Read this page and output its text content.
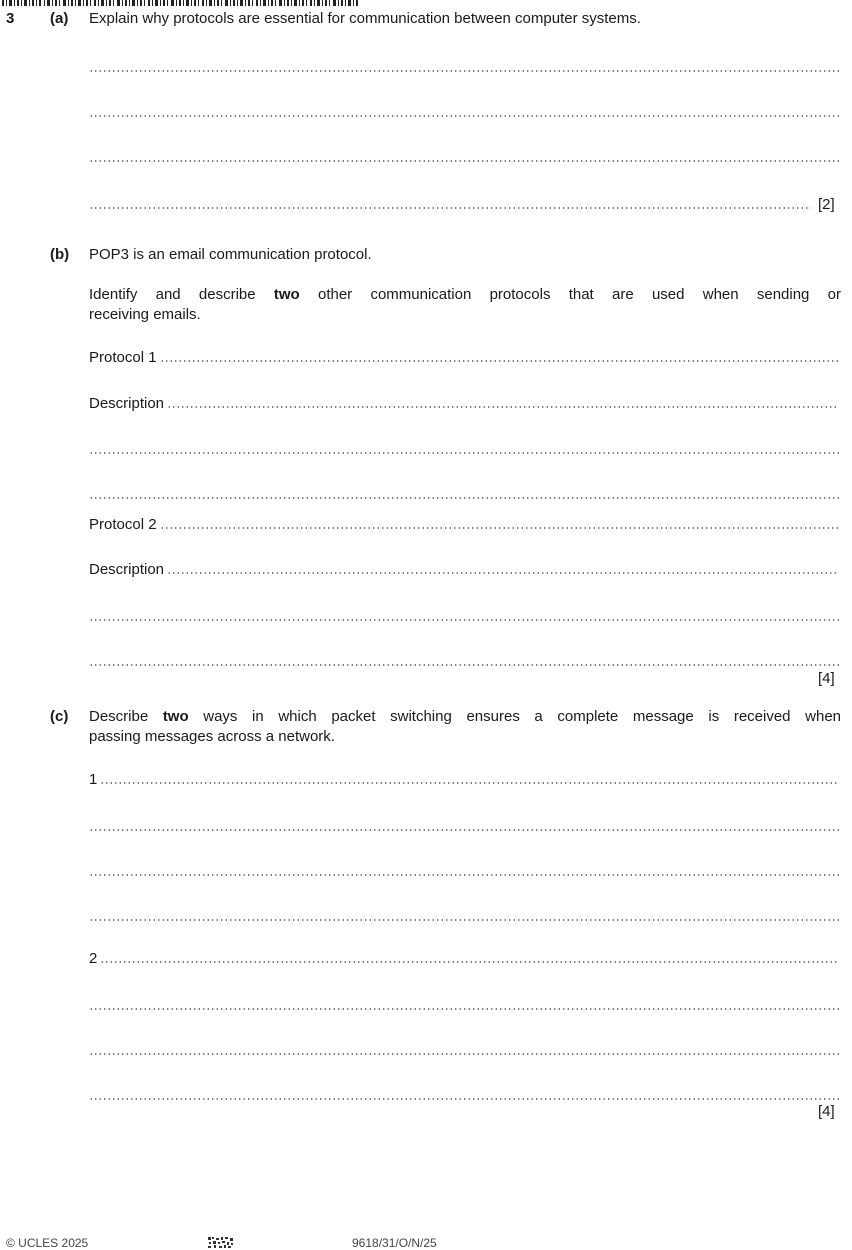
3 (a) Explain why protocols are essential for communication between computer systems.
[2]
(b) POP3 is an email communication protocol.
Identify and describe two other communication protocols that are used when sending or
receiving emails.
Protocol 1
Description
Protocol 2
Description
[4]
(c) Describe two ways in which packet switching ensures a complete message is received when
passing messages across a network.
1
2
[4]
© UCLES 2025	9618/31/O/N/25
